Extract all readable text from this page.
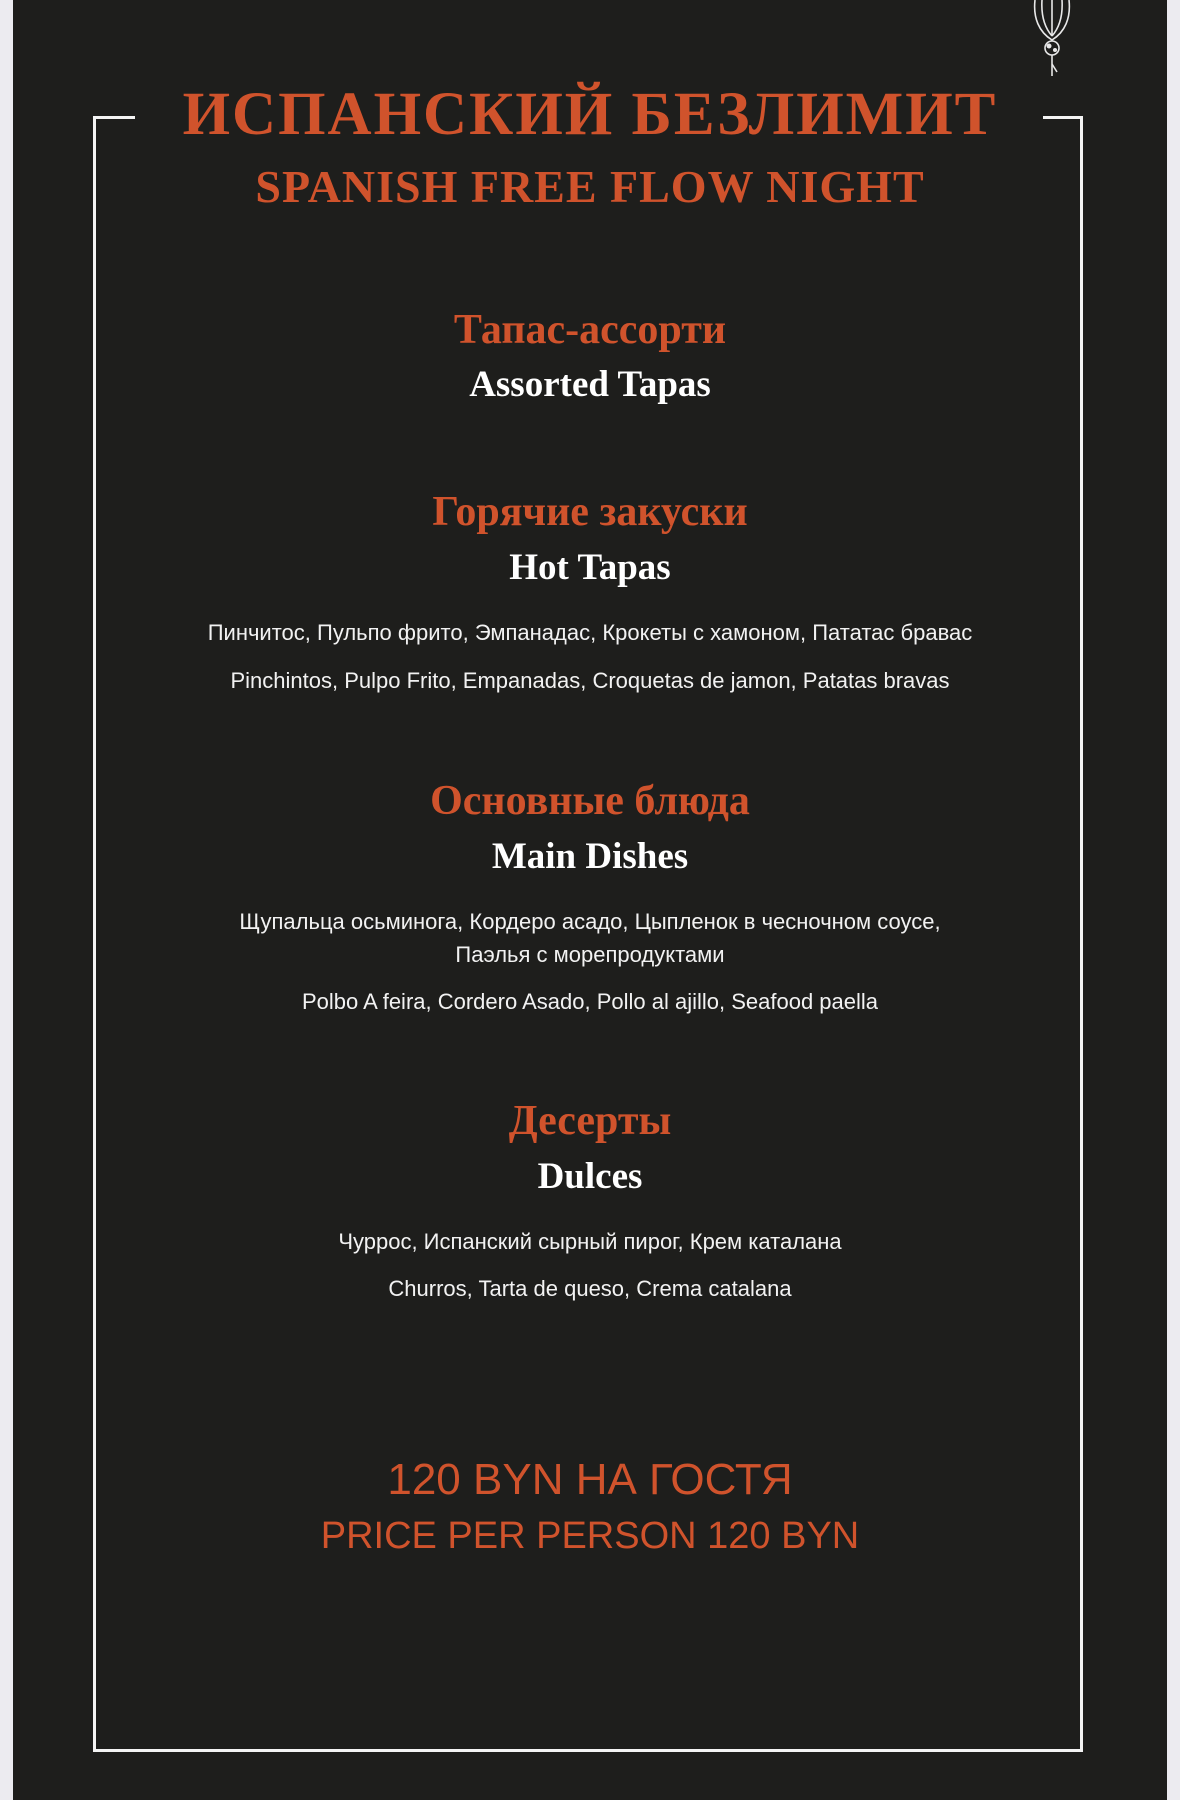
ИСПАНСКИЙ БЕЗЛИМИТ
SPANISH FREE FLOW NIGHT
Тапас-ассорти
Assorted Tapas
Горячие закуски
Hot Tapas
Пинчитос, Пульпо фрито, Эмпанадас, Крокеты с хамоном, Пататас бравас
Pinchintos, Pulpo Frito, Empanadas, Croquetas de jamon, Patatas bravas
Основные блюда
Main Dishes
Щупальца осьминога, Кордеро асадо, Цыпленок в чесночном соусе,
Паэлья с морепродуктами
Polbo A feira, Cordero Asado, Pollo al ajillo, Seafood paella
Десерты
Dulces
Чуррос, Испанский сырный пирог, Крем каталана
Churros, Tarta de queso, Crema catalana
120 BYN НА ГОСТЯ
PRICE PER PERSON 120 BYN
